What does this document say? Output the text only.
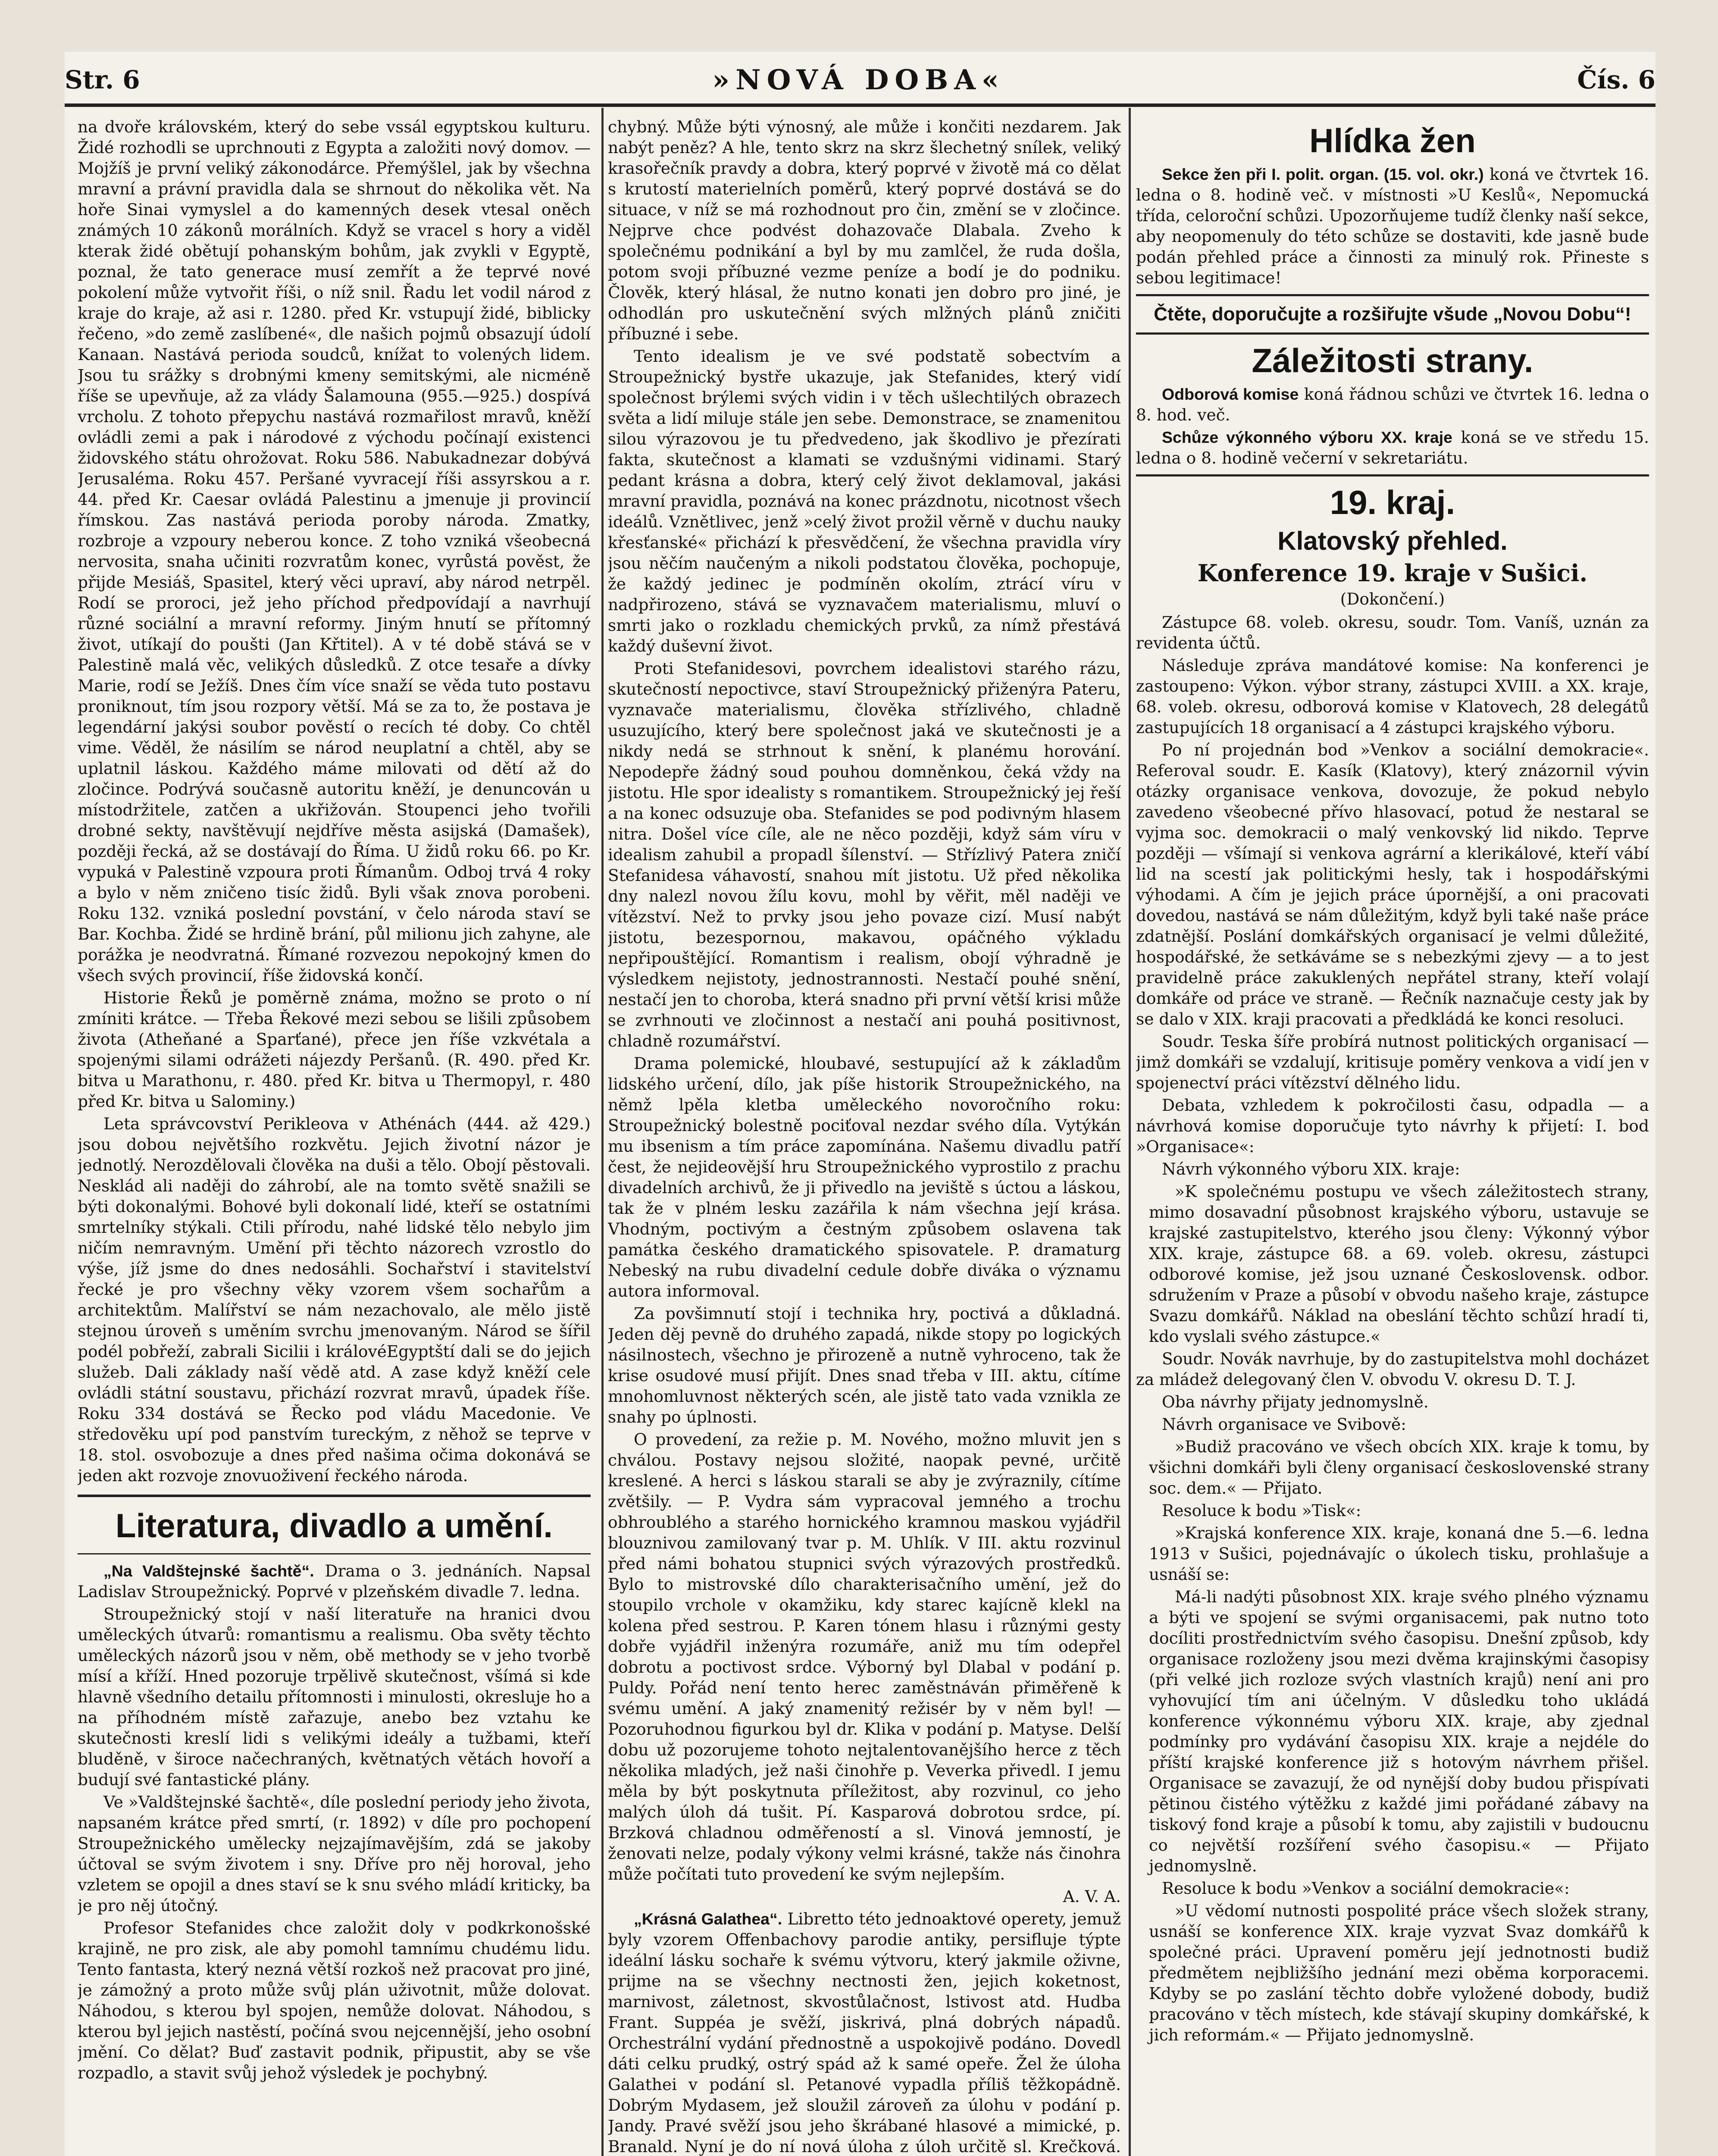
Str. 6	»NOVÁ DOBA«	Čís. 6

na dvoře královském, který do sebe vssál egyptskou kulturu. Židé rozhodli se uprchnouti z Egypta a založiti nový domov. — Mojžíš je první veliký zákonodárce. Přemýšlel, jak by všechna mravní a právní pravidla dala se shrnout do několika vět. Na hoře Sinai vymyslel a do kamenných desek vtesal oněch známých 10 zákonů morálních. Když se vracel s hory a viděl kterak židé obětují pohanským bohům, jak zvykli v Egyptě, poznal, že tato generace musí zemřít a že teprvé nové pokolení může vytvořit říši, o níž snil. Řadu let vodil národ z kraje do kraje, až asi r. 1280. před Kr. vstupují židé, biblicky řečeno, »do země zaslíbené«, dle našich pojmů obsazují údolí Kanaan. Nastává perioda soudců, knížat to volených lidem. Jsou tu srážky s drobnými kmeny semitskými, ale nicméně říše se upevňuje, až za vlády Šalamouna (955.—925.) dospívá vrcholu. Z tohoto přepychu nastává rozmařilost mravů, kněží ovládli zemi a pak i národové z východu počínají existenci židovského státu ohrožovat. Roku 586. Nabukadnezar dobývá Jerusaléma. Roku 457. Peršané vyvracejí říši assyrskou a r. 44. před Kr. Caesar ovládá Palestinu a jmenuje ji provincií římskou. Zas nastává perioda poroby národa. Zmatky, rozbroje a vzpoury neberou konce. Z toho vzniká všeobecná nervosita, snaha učiniti rozvratům konec, vyrůstá pověst, že přijde Mesiáš, Spasitel, který věci upraví, aby národ netrpěl. Rodí se proroci, jež jeho příchod předpovídají a navrhují různé sociální a mravní reformy. Jiným hnutí se přítomný život, utíkají do poušti (Jan Křtitel). A v té době stává se v Palestině malá věc, velikých důsledků. Z otce tesaře a dívky Marie, rodí se Ježíš. Dnes čím více snaží se věda tuto postavu proniknout, tím jsou rozpory větší. Má se za to, že postava je legendární jakýsi soubor pověstí o recích té doby. Co chtěl vime. Věděl, že násilím se národ neuplatní a chtěl, aby se uplatnil láskou. Každého máme milovati od dětí až do zločince. Podrývá současně autoritu kněží, je denuncován u místodržitele, zatčen a ukřižován. Stoupenci jeho tvořili drobné sekty, navštěvují nejdříve města asijská (Damašek), později řecká, až se dostávají do Říma. U židů roku 66. po Kr. vypuká v Palestině vzpoura proti Římanům. Odboj trvá 4 roky a bylo v něm zničeno tisíc židů. Byli však znova porobeni. Roku 132. vzniká poslední povstání, v čelo národa staví se Bar. Kochba. Židé se hrdině brání, půl milionu jich zahyne, ale porážka je neodvratná. Římané rozvezou nepokojný kmen do všech svých provincií, říše židovská končí.

Historie Řeků je poměrně známa, možno se proto o ní zmíniti krátce. — Třeba Řekové mezi sebou se lišili způsobem života (Atheňané a Sparťané), přece jen říše vzkvétala a spojenými silami odrážeti nájezdy Peršanů. (R. 490. před Kr. bitva u Marathonu, r. 480. před Kr. bitva u Thermopyl, r. 480 před Kr. bitva u Salominy.)

Leta správcovství Perikleova v Athénách (444. až 429.) jsou dobou největšího rozkvětu. Jejich životní názor je jednotlý. Nerozdělovali člověka na duši a tělo. Obojí pěstovali. Nesklád ali naději do záhrobí, ale na tomto světě snažili se býti dokonalými. Bohové byli dokonalí lidé, kteří se ostatními smrtelníky stýkali. Ctili přírodu, nahé lidské tělo nebylo jim ničím nemravným. Umění při těchto názorech vzrostlo do výše, jíž jsme do dnes nedosáhli. Sochařství i stavitelství řecké je pro všechny věky vzorem všem sochařům a architektům. Malířství se nám nezachovalo, ale mělo jistě stejnou úroveň s uměním svrchu jmenovaným. Národ se šířil podél pobřeží, zabrali Sicilii i královéEgyptští dali se do jejich služeb. Dali základy naší vědě atd. A zase když kněží cele ovládli státní soustavu, přichází rozvrat mravů, úpadek říše. Roku 334 dostává se Řecko pod vládu Macedonie. Ve středověku upí pod panstvím tureckým, z něhož se teprve v 18. stol. osvobozuje a dnes před našima očima dokonává se jeden akt rozvoje znovuoživení řeckého národa.

Literatura, divadlo a umění.

„Na Valdštejnské šachtě“. Drama o 3. jednáních. Napsal Ladislav Stroupežnický. Poprvé v plzeňském divadle 7. ledna.

Stroupežnický stojí v naší literatuře na hranici dvou uměleckých útvarů: romantismu a realismu. Oba světy těchto uměleckých názorů jsou v něm, obě methody se v jeho tvorbě mísí a kříží. Hned pozoruje trpělivě skutečnost, všímá si kde hlavně všedního detailu přítomnosti i minulosti, okresluje ho a na příhodném místě zařazuje, anebo bez vztahu ke skutečnosti kreslí lidi s velikými ideály a tužbami, kteří bluděně, v široce načechraných, květnatých větách hovoří a budují své fantastické plány.

Ve »Valdštejnské šachtě«, díle poslední periody jeho života, napsaném krátce před smrtí, (r. 1892) v díle pro pochopení Stroupežnického umělecky nejzajímavějším, zdá se jakoby účtoval se svým životem i sny. Dříve pro něj horoval, jeho vzletem se opojil a dnes staví se k snu svého mládí kriticky, ba je pro něj útočný.

Profesor Stefanides chce založit doly v podkrkonošské krajině, ne pro zisk, ale aby pomohl tamnímu chudému lidu. Tento fantasta, který nezná větší rozkoš než pracovat pro jiné, je zámožný a proto může svůj plán uživotnit, může dolovat. Náhodou, s kterou byl spojen, nemůže dolovat. Náhodou, s kterou byl jejich nastěstí, počíná svou nejcennější, jeho osobní jmění. Co dělat? Buď zastavit podnik, připustit, aby se vše rozpadlo, a stavit svůj jehož výsledek je pochybný.

chybný. Může býti výnosný, ale může i končiti nezdarem. Jak nabýt peněz? A hle, tento skrz na skrz šlechetný snílek, veliký krasořečník pravdy a dobra, který poprvé v životě má co dělat s krutostí materielních poměrů, který poprvé dostává se do situace, v níž se má rozhodnout pro čin, změní se v zločince. Nejprve chce podvést dohazovače Dlabala. Zveho k společnému podnikání a byl by mu zamlčel, že ruda došla, potom svoji příbuzné vezme peníze a bodí je do podniku. Člověk, který hlásal, že nutno konati jen dobro pro jiné, je odhodlán pro uskutečnění svých mlžných plánů zničiti příbuzné i sebe.

Tento idealism je ve své podstatě sobectvím a Stroupežnický bystře ukazuje, jak Stefanides, který vidí společnost brýlemi svých vidin i v těch ušlechtilých obrazech světa a lidí miluje stále jen sebe. Demonstrace, se znamenitou silou výrazovou je tu předvedeno, jak škodlivo je přezírati fakta, skutečnost a klamati se vzdušnými vidinami. Starý pedant krásna a dobra, který celý život deklamoval, jakási mravní pravidla, poznává na konec prázdnotu, nicotnost všech ideálů. Vznětlivec, jenž »celý život prožil věrně v duchu nauky křesťanské« přichází k přesvědčení, že všechna pravidla víry jsou něčím naučeným a nikoli podstatou člověka, pochopuje, že každý jedinec je podmíněn okolím, ztrácí víru v nadpřirozeno, stává se vyznavačem materialismu, mluví o smrti jako o rozkladu chemických prvků, za nímž přestává každý duševní život.

Proti Stefanidesovi, povrchem idealistovi starého rázu, skutečností nepoctivce, staví Stroupežnický přiženýra Pateru, vyznavače materialismu, člověka střízlivého, chladně usuzujícího, který bere společnost jaká ve skutečnosti je a nikdy nedá se strhnout k snění, k planému horování. Nepodepře žádný soud pouhou domněnkou, čeká vždy na jistotu. Hle spor idealisty s romantikem. Stroupežnický jej řeší a na konec odsuzuje oba. Stefanides se pod podivným hlasem nitra. Došel více cíle, ale ne něco později, když sám víru v idealism zahubil a propadl šílenství. — Střízlivý Patera zničí Stefanidesa váhavostí, snahou mít jistotu. Už před několika dny nalezl novou žílu kovu, mohl by věřit, měl naději ve vítězství. Než to prvky jsou jeho povaze cizí. Musí nabýt jistotu, bezespornou, makavou, opáčného výkladu nepřipouštějící. Romantism i realism, obojí výhradně je výsledkem nejistoty, jednostrannosti. Nestačí pouhé snění, nestačí jen to choroba, která snadno při první větší krisi může se zvrhnouti ve zločinnost a nestačí ani pouhá positivnost, chladně rozumářství.

Drama polemické, hloubavé, sestupující až k základům lidského určení, dílo, jak píše historik Stroupežnického, na němž lpěla kletba uměleckého novoročního roku: Stroupežnický bolestně pociťoval nezdar svého díla. Vytýkán mu ibsenism a tím práce zapomínána. Našemu divadlu patří čest, že nejideovější hru Stroupežnického vyprostilo z prachu divadelních archivů, že ji přivedlo na jeviště s úctou a láskou, tak že v plném lesku zazářila k nám všechna její krása. Vhodným, poctivým a čestným způsobem oslavena tak památka českého dramatického spisovatele. P. dramaturg Nebeský na rubu divadelní cedule dobře divákа o významu autora informoval.

Za povšimnutí stojí i technika hry, poctivá a důkladná. Jeden děj pevně do druhého zapadá, nikde stopy po logických násilnostech, všechno je přirozeně a nutně vyhroceno, tak že krise osudové musí přijít. Dnes snad třeba v III. aktu, cítíme mnohomluvnost některých scén, ale jistě tato vada vznikla ze snahy po úplnosti.

O provedení, za režie p. M. Nového, možno mluvit jen s chválou. Postavy nejsou složité, naopak pevné, určitě kreslené. A herci s láskou starali se aby je zvýraznily, cítíme zvětšily. — P. Vydra sám vypracoval jemného a trochu obhroublého a starého hornického kramnou maskou vyjádřil blouznivou zamilovaný tvar p. M. Uhlík. V III. aktu rozvinul před námi bohatou stupnici svých výrazových prostředků. Bylo to mistrovské dílo charakterisačního umění, jež do stoupilo vrchole v okamžiku, kdy starec kajícně klekl na kolena před sestrou. P. Karen tónem hlasu i různými gesty dobře vyjádřil inženýra rozumáře, aniž mu tím odepřel dobrotu a poctivost srdce. Výborný byl Dlabal v podání p. Puldy. Pořád není tento herec zaměstnáván přiměřeně k svému umění. A jaký znamenitý režisér by v něm byl! — Pozoruhodnou figurkou byl dr. Klika v podání p. Matyse. Delší dobu už pozorujeme tohoto nejtalentovanějšího herce z těch několika mladých, jež naši činohře p. Veverka přivedl. I jemu měla by být poskytnuta příležitost, aby rozvinul, co jeho malých úloh dá tušit. Pí. Kasparová dobrotou srdce, pí. Brzková chladnou odměřeností a sl. Vinová jemností, je ženovati nelze, podaly výkony velmi krásné, takže nás činohra může počítati tuto provedení ke svým nejlepším.

A. V. A.

„Krásná Galathea“. Libretto této jednoaktové operety, jemuž byly vzorem Offenbachovy parodie antiky, persifluje týpte ideální lásku sochaře k svému výtvoru, který jakmile oživne, prijme na se všechny nectnosti žen, jejich koketnost, marnivost, záletnost, skvostůlačnost, lstivost atd. Hudba Frant. Suppéa je svěží, jiskrivá, plná dobrých nápadů. Orchestrální vydání přednostně a uspokojivě podáno. Dovedl dáti celku prudký, ostrý spád až k samé opeře. Žel že úloha Galathei v podání sl. Petanové vypadla příliš těžkopádně. Dobrým Mydasem, jež sloužil zároveň za úlohu v podání p. Jandy. Pravé svěží jsou jeho škrábané hlasové a mimické, p. Branald. Nyní je do ní nová úloha z úloh určitě sl. Krečková.

Hlídka žen

Sekce žen při I. polit. organ. (15. vol. okr.) koná ve čtvrtek 16. ledna o 8. hodině več. v místnosti »U Keslů«, Nepomucká třída, celoroční schůzi. Upozorňujeme tudíž členky naší sekce, aby neopomenuly do této schůze se dostaviti, kde jasně bude podán přehled práce a činnosti za minulý rok. Přineste s sebou legitimace!

Čtěte, doporučujte a rozšiřujte všude „Novou Dobu“!
Záležitosti strany.

Odborová komise koná řádnou schůzi ve čtvrtek 16. ledna o 8. hod. več.

Schůze výkonného výboru XX. kraje koná se ve středu 15. ledna o 8. hodině večerní v sekretariátu.

19. kraj.
Klatovský přehled.
Konference 19. kraje v Sušici.
(Dokončení.)

Zástupce 68. voleb. okresu, soudr. Tom. Vaníš, uznán za revidenta účtů.

Následuje zpráva mandátové komise: Na konferenci je zastoupeno: Výkon. výbor strany, zástupci XVIII. a XX. kraje, 68. voleb. okresu, odborová komise v Klatovech, 28 delegátů zastupujících 18 organisací a 4 zástupci krajského výboru.

Po ní projednán bod »Venkov a sociální demokracie«. Referoval soudr. E. Kasík (Klatovy), který znázornil vývin otázky organisace venkova, dovozuje, že pokud nebylo zavedeno všeobecné přívo hlasovací, potud že nestaral se vyjma soc. demokracii o malý venkovský lid nikdo. Teprve později — všímají si venkova agrární a klerikálové, kteří vábí lid na scestí jak politickými hesly, tak i hospodářskými výhodami. A čím je jejich práce úpornější, a oni pracovati dovedou, nastává se nám důležitým, když byli také naše práce zdatnější. Poslání domkářských organisací je velmi důležité, hospodářské, že setkáváme se s nebezkými zjevy — a to jest pravidelně práce zakuklených nepřátel strany, kteří volají domkáře od práce ve straně. — Řečník naznačuje cesty jak by se dalo v XIX. kraji pracovati a předkládá ke konci resoluci.

Soudr. Teska šíře probírá nutnost politických organisací — jimž domkáři se vzdalují, kritisuje poměry venkova a vidí jen v spojenectví práci vítězství dělného lidu.

Debata, vzhledem k pokročilosti času, odpadla — a návrhová komise doporučuje tyto návrhy k přijetí: I. bod »Organisace«:

Návrh výkonného výboru XIX. kraje:

»K společnému postupu ve všech záležitostech strany, mimo dosavadní působnost krajského výboru, ustavuje se krajské zastupitelstvo, kterého jsou členy: Výkonný výbor XIX. kraje, zástupce 68. a 69. voleb. okresu, zástupci odborové komise, jež jsou uznané Československ. odbor. sdružením v Praze a působí v obvodu našeho kraje, zástupce Svazu domkářů. Náklad na obeslání těchto schůzí hradí ti, kdo vyslali svého zástupce.«

Soudr. Novák navrhuje, by do zastupitelstva mohl docházet za mládež delegovaný člen V. obvodu V. okresu D. T. J.

Oba návrhy přijaty jednomyslně.

Návrh organisace ve Svibově:

»Budiž pracováno ve všech obcích XIX. kraje k tomu, by všichni domkáři byli členy organisací československé strany soc. dem.« — Přijato.

Resoluce k bodu »Tisk«:

»Krajská konference XIX. kraje, konaná dne 5.—6. ledna 1913 v Sušici, pojednávajíc o úkolech tisku, prohlašuje a usnáší se:

Má-li nadýti působnost XIX. kraje svého plného významu a býti ve spojení se svými organisacemi, pak nutno toto docíliti prostřednictvím svého časopisu. Dnešní způsob, kdy organisace rozloženy jsou mezi dvěma krajinskými časopisy (při velké jich rozloze svých vlastních krajů) není ani pro vyhovující tím ani účelným. V důsledku toho ukládá konference výkonnému výboru XIX. kraje, aby zjednal podmínky pro vydávání časopisu XIX. kraje a nejdéle do příští krajské konference již s hotovým návrhem přišel. Organisace se zavazují, že od nynější doby budou přispívati pětinou čistého výtěžku z každé jimi pořádané zábavy na tiskový fond kraje a působí k tomu, aby zajistili v budoucnu co největší rozšíření svého časopisu.« — Přijato jednomyslně.

Resoluce k bodu »Venkov a sociální demokracie«:

»U vědomí nutnosti pospolité práce všech složek strany, usnáší se konference XIX. kraje vyzvat Svaz domkářů k společné práci. Upravení poměru její jednotnosti budiž předmětem nejbližšího jednání mezi oběma korporacemi. Kdyby se po zaslání těchto dobře vyložené dobody, budiž pracováno v těch místech, kde stávají skupiny domkářské, k jich reformám.« — Přijato jednomyslně.
